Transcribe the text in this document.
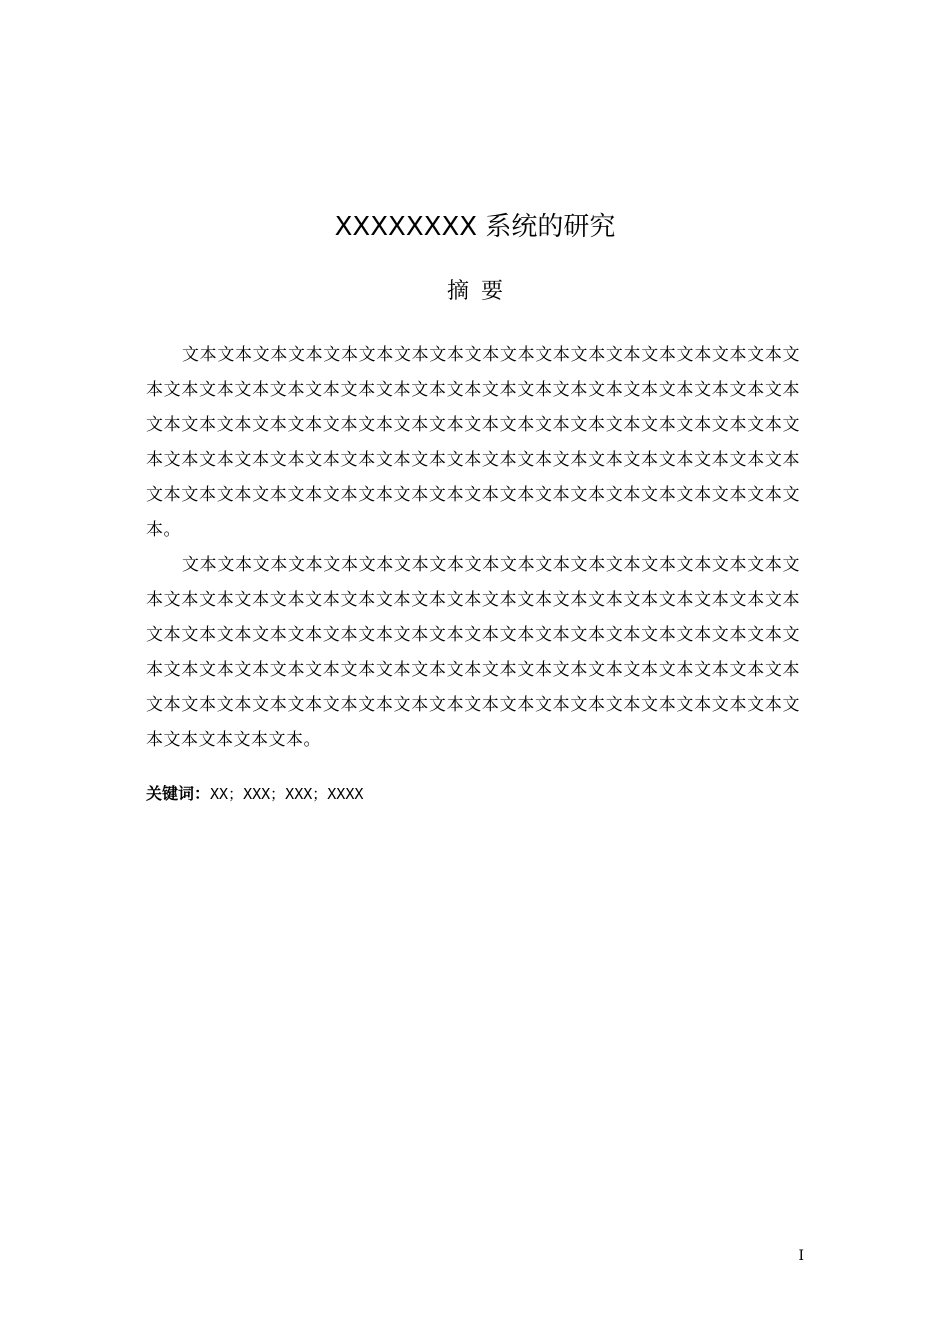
XXXXXXXX 系统的研究
摘要

文本文本文本文本文本文本文本文本文本文本文本文本文本文本文本文本文本文本文本文本文本文本文本文本文本文本文本文本文本文本文本文本文本文本文本文本文本文本文本文本文本文本文本文本文本文本文本文本文本文本文本文本文本文本文本文本文本文本文本文本文本文本文本文本文本文本文本文本文本文本文本文本文本文本文本文本文本文本文本文本文本文本文本文本文本文本文本文本文本文本文本文本。

文本文本文本文本文本文本文本文本文本文本文本文本文本文本文本文本文本文本文本文本文本文本文本文本文本文本文本文本文本文本文本文本文本文本文本文本文本文本文本文本文本文本文本文本文本文本文本文本文本文本文本文本文本文本文本文本文本文本文本文本文本文本文本文本文本文本文本文本文本文本文本文本文本文本文本文本文本文本文本文本文本文本文本文本文本文本文本文本文本文本文本文本文本文本文本文本。

关键词：XX；XXX；XXX；XXXX
I
